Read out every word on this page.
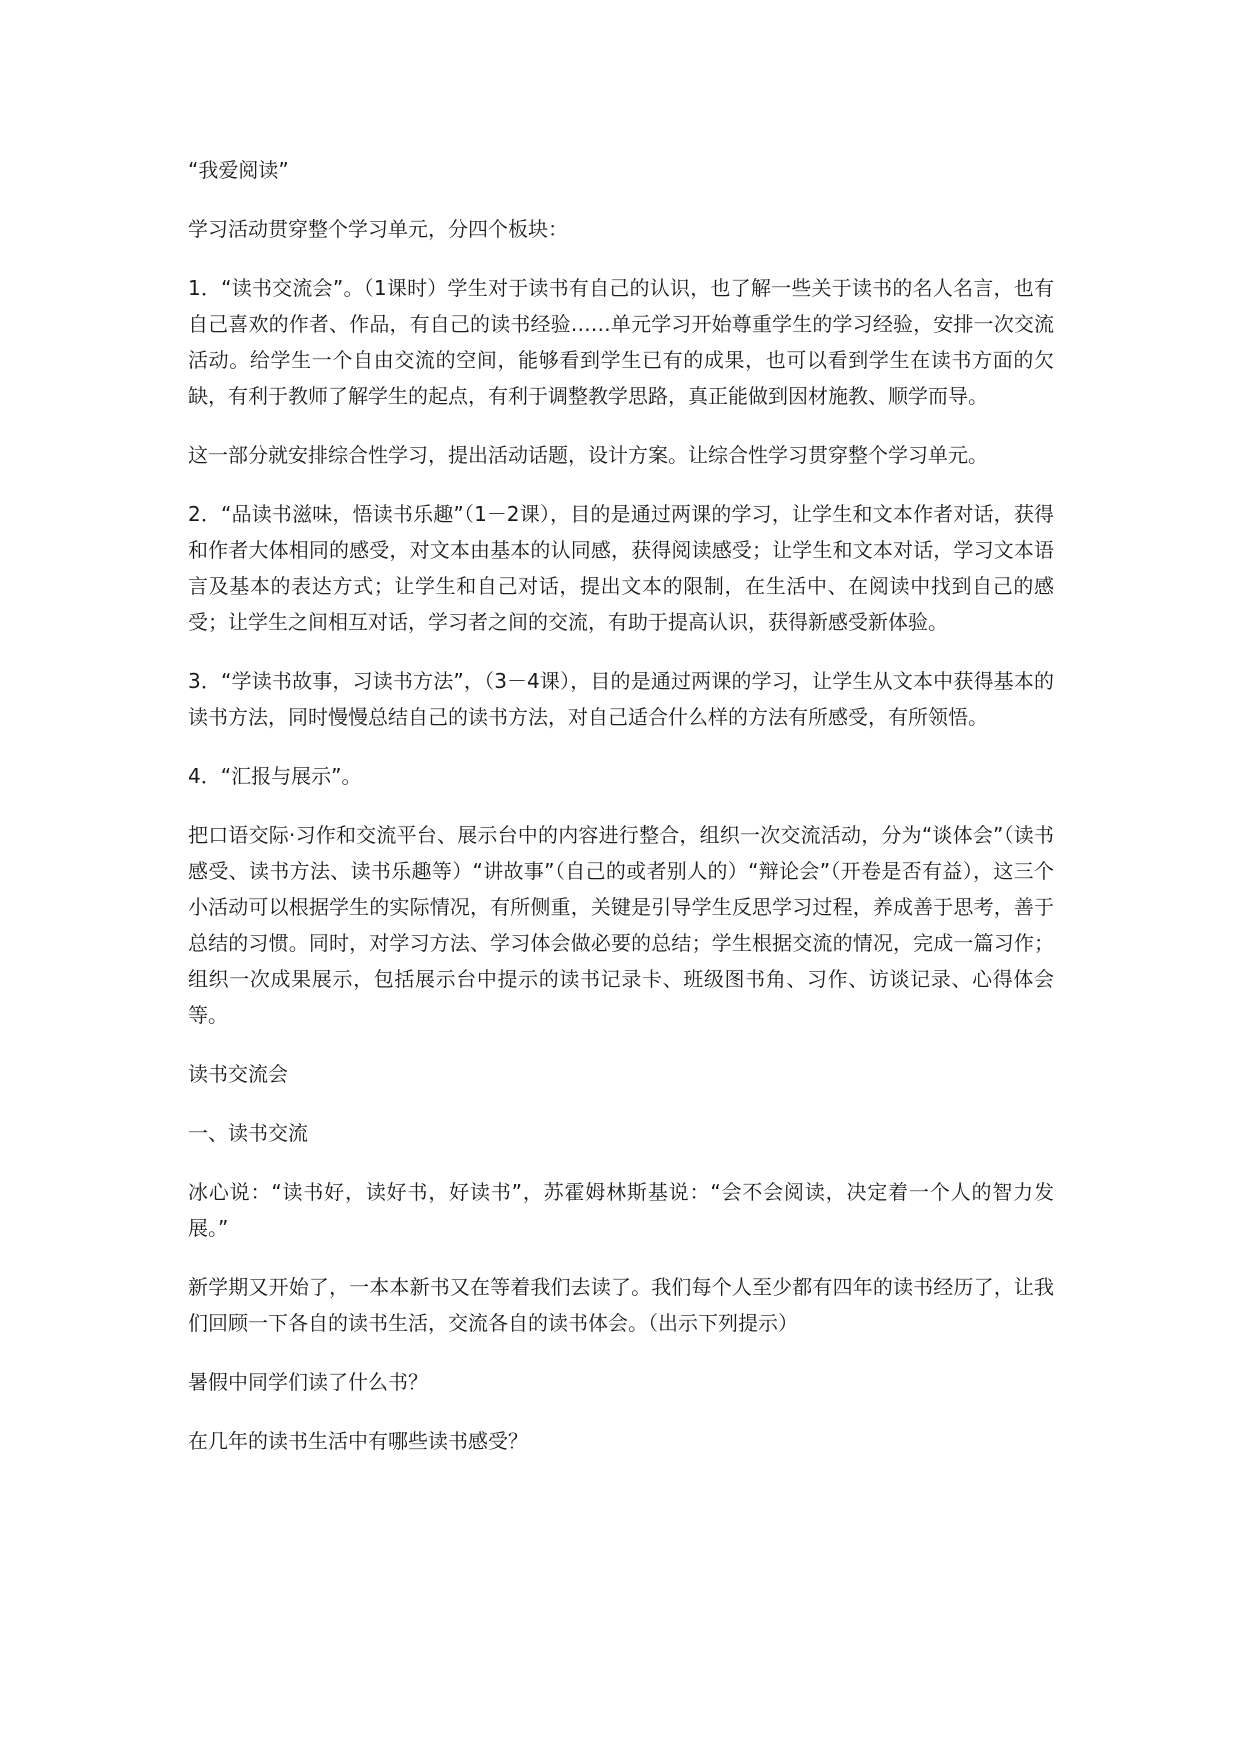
“我爱阅读”

学习活动贯穿整个学习单元，分四个板块：

1．“读书交流会”。（1课时）学生对于读书有自己的认识，也了解一些关于读书的名人名言，也有自己喜欢的作者、作品，有自己的读书经验……单元学习开始尊重学生的学习经验，安排一次交流活动。给学生一个自由交流的空间，能够看到学生已有的成果，也可以看到学生在读书方面的欠缺，有利于教师了解学生的起点，有利于调整教学思路，真正能做到因材施教、顺学而导。

这一部分就安排综合性学习，提出活动话题，设计方案。让综合性学习贯穿整个学习单元。

2．“品读书滋味，悟读书乐趣”（1－2课），目的是通过两课的学习，让学生和文本作者对话，获得和作者大体相同的感受，对文本由基本的认同感，获得阅读感受；让学生和文本对话，学习文本语言及基本的表达方式；让学生和自己对话，提出文本的限制，在生活中、在阅读中找到自己的感受；让学生之间相互对话，学习者之间的交流，有助于提高认识，获得新感受新体验。

3．“学读书故事，习读书方法”，（3－4课），目的是通过两课的学习，让学生从文本中获得基本的读书方法，同时慢慢总结自己的读书方法，对自己适合什么样的方法有所感受，有所领悟。

4．“汇报与展示”。

把口语交际·习作和交流平台、展示台中的内容进行整合，组织一次交流活动，分为“谈体会”（读书感受、读书方法、读书乐趣等）“讲故事”（自己的或者别人的）“辩论会”（开卷是否有益），这三个小活动可以根据学生的实际情况，有所侧重，关键是引导学生反思学习过程，养成善于思考，善于总结的习惯。同时，对学习方法、学习体会做必要的总结；学生根据交流的情况，完成一篇习作；组织一次成果展示，包括展示台中提示的读书记录卡、班级图书角、习作、访谈记录、心得体会等。

读书交流会

一、读书交流

冰心说：“读书好，读好书，好读书”，苏霍姆林斯基说：“会不会阅读，决定着一个人的智力发展。”

新学期又开始了，一本本新书又在等着我们去读了。我们每个人至少都有四年的读书经历了，让我们回顾一下各自的读书生活，交流各自的读书体会。（出示下列提示）

暑假中同学们读了什么书？

在几年的读书生活中有哪些读书感受？
